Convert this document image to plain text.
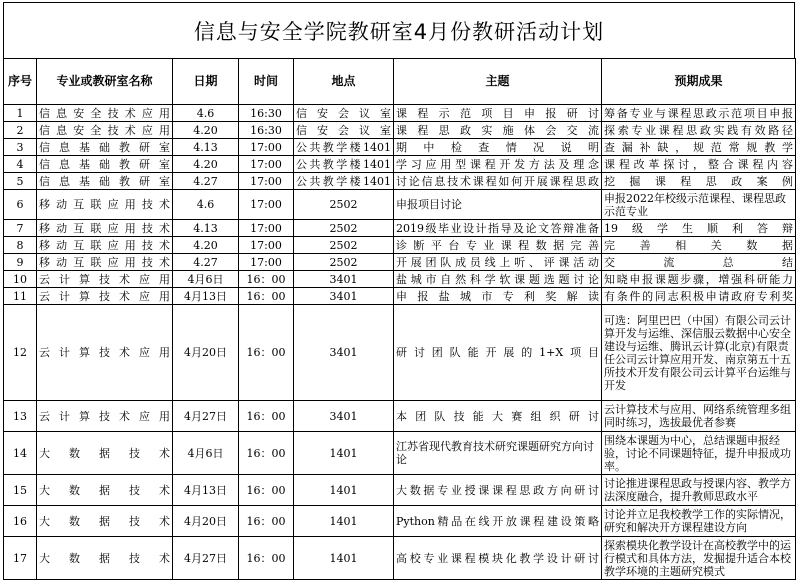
信息与安全学院教研室4月份教研活动计划
序号	专业或教研室名称	日期	时间	地点	主题	预期成果
1	信息安全技术应用	4.6	16:30	信安会议室	课程示范项目申报研讨	筹备专业与课程思政示范项目申报
2	信息安全技术应用	4.20	16:30	信安会议室	课程思政实施体会交流	探索专业课程思政实践有效路径
3	信息基础教研室	4.13	17:00	公共教学楼1401	期中检查情况说明	查漏补缺，规范常规教学
4	信息基础教研室	4.20	17:00	公共教学楼1401	学习应用型课程开发方法及理念	课程改革探讨，整合课程内容
5	信息基础教研室	4.27	17:00	公共教学楼1401	讨论信息技术课程如何开展课程思政	挖掘课程思政案例
6	移动互联应用技术	4.6	17:00	2502	申报项目讨论	申报2022年校级示范课程、课程思政示范专业
7	移动互联应用技术	4.13	17:00	2502	2019级毕业设计指导及论文答辩准备	19级学生顺利答辩
8	移动互联应用技术	4.20	17:00	2502	诊断平台专业课程数据完善	完善相关数据
9	移动互联应用技术	4.27	17:00	2502	开展团队成员线上听、评课活动	交流总结
10	云计算技术应用	4月6日	16：00	3401	盐城市自然科学软课题选题讨论	知晓申报课题步骤，增强科研能力
11	云计算技术应用	4月13日	16：00	3401	申报盐城市专利奖解读	有条件的同志积极申请政府专利奖
12	云计算技术应用	4月20日	16：00	3401	研讨团队能开展的1+X项目	可选：阿里巴巴（中国）有限公司云计算开发与运维、深信服云数据中心安全建设与运维、腾讯云计算(北京)有限责任公司云计算应用开发、南京第五十五所技术开发有限公司云计算平台运维与开发
13	云计算技术应用	4月27日	16：00	3401	本团队技能大赛组织研讨	云计算技术与应用、网络系统管理多组同时练习，选拔最优者参赛
14	大数据技术	4月6日	16：00	1401	江苏省现代教育技术研究课题研究方向讨论	围绕本课题为中心，总结课题申报经验，讨论不同课题特征，提升申报成功率。
15	大数据技术	4月13日	16：00	1401	大数据专业授课课程思政方向研讨	讨论推进课程思政与授课内容、教学方法深度融合，提升教师思政水平
16	大数据技术	4月20日	16：00	1401	Python精品在线开放课程建设策略	讨论并立足我校教学工作的实际情况，研究和解决开方课程建设方向
17	大数据技术	4月27日	16：00	1401	高校专业课程模块化教学设计研讨	探索模块化教学设计在高校教学中的运行模式和具体方法，发掘提升适合本校教学环境的主题研究模式
